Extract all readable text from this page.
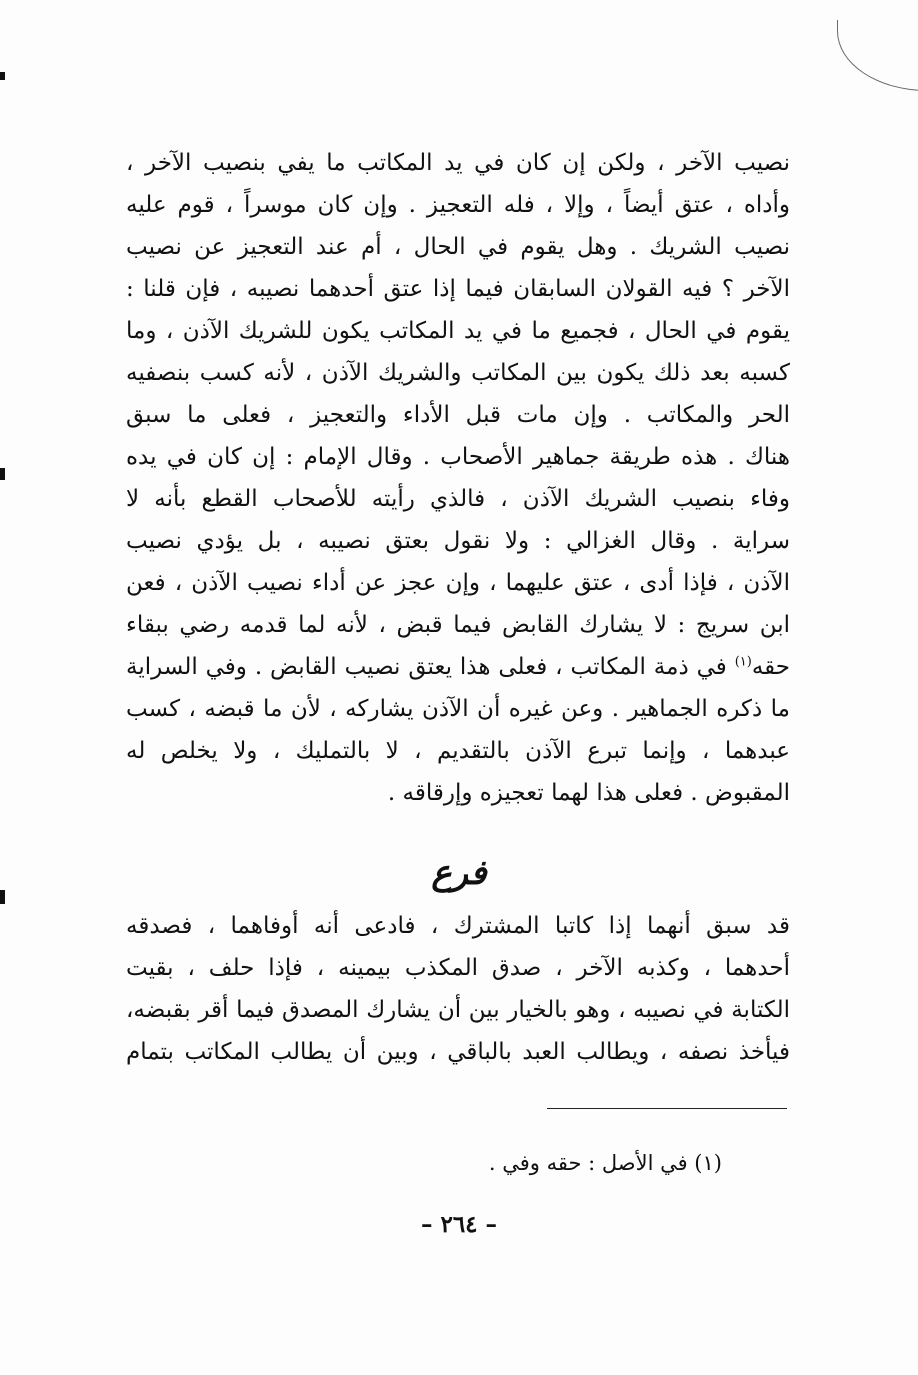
نصيب الآخر ، ولكن إن كان في يد المكاتب ما يفي بنصيب الآخر ،
وأداه ، عتق أيضاً ، وإلا ، فله التعجيز . وإن كان موسراً ، قوم عليه
نصيب الشريك . وهل يقوم في الحال ، أم عند التعجيز عن نصيب
الآخر ؟ فيه القولان السابقان فيما إذا عتق أحدهما نصيبه ، فإن قلنا :
يقوم في الحال ، فجميع ما في يد المكاتب يكون للشريك الآذن ، وما
كسبه بعد ذلك يكون بين المكاتب والشريك الآذن ، لأنه كسب بنصفيه
الحر والمكاتب . وإن مات قبل الأداء والتعجيز ، فعلى ما سبق
هناك . هذه طريقة جماهير الأصحاب . وقال الإمام : إن كان في يده
وفاء بنصيب الشريك الآذن ، فالذي رأيته للأصحاب القطع بأنه لا
سراية . وقال الغزالي : ولا نقول بعتق نصيبه ، بل يؤدي نصيب
الآذن ، فإذا أدى ، عتق عليهما ، وإن عجز عن أداء نصيب الآذن ، فعن
ابن سريج : لا يشارك القابض فيما قبض ، لأنه لما قدمه رضي ببقاء
حقه$^{(١)}$ في ذمة المكاتب ، فعلى هذا يعتق نصيب القابض . وفي السراية
ما ذكره الجماهير . وعن غيره أن الآذن يشاركه ، لأن ما قبضه ، كسب
عبدهما ، وإنما تبرع الآذن بالتقديم ، لا بالتمليك ، ولا يخلص له
المقبوض . فعلى هذا لهما تعجيزه وإرقاقه .
فرع
قد سبق أنهما إذا كاتبا المشترك ، فادعى أنه أوفاهما ، فصدقه
أحدهما ، وكذبه الآخر ، صدق المكذب بيمينه ، فإذا حلف ، بقيت
الكتابة في نصيبه ، وهو بالخيار بين أن يشارك المصدق فيما أقر بقبضه،
فيأخذ نصفه ، ويطالب العبد بالباقي ، وبين أن يطالب المكاتب بتمام
(١) في الأصل : حقه وفي .
– ٢٦٤ –
